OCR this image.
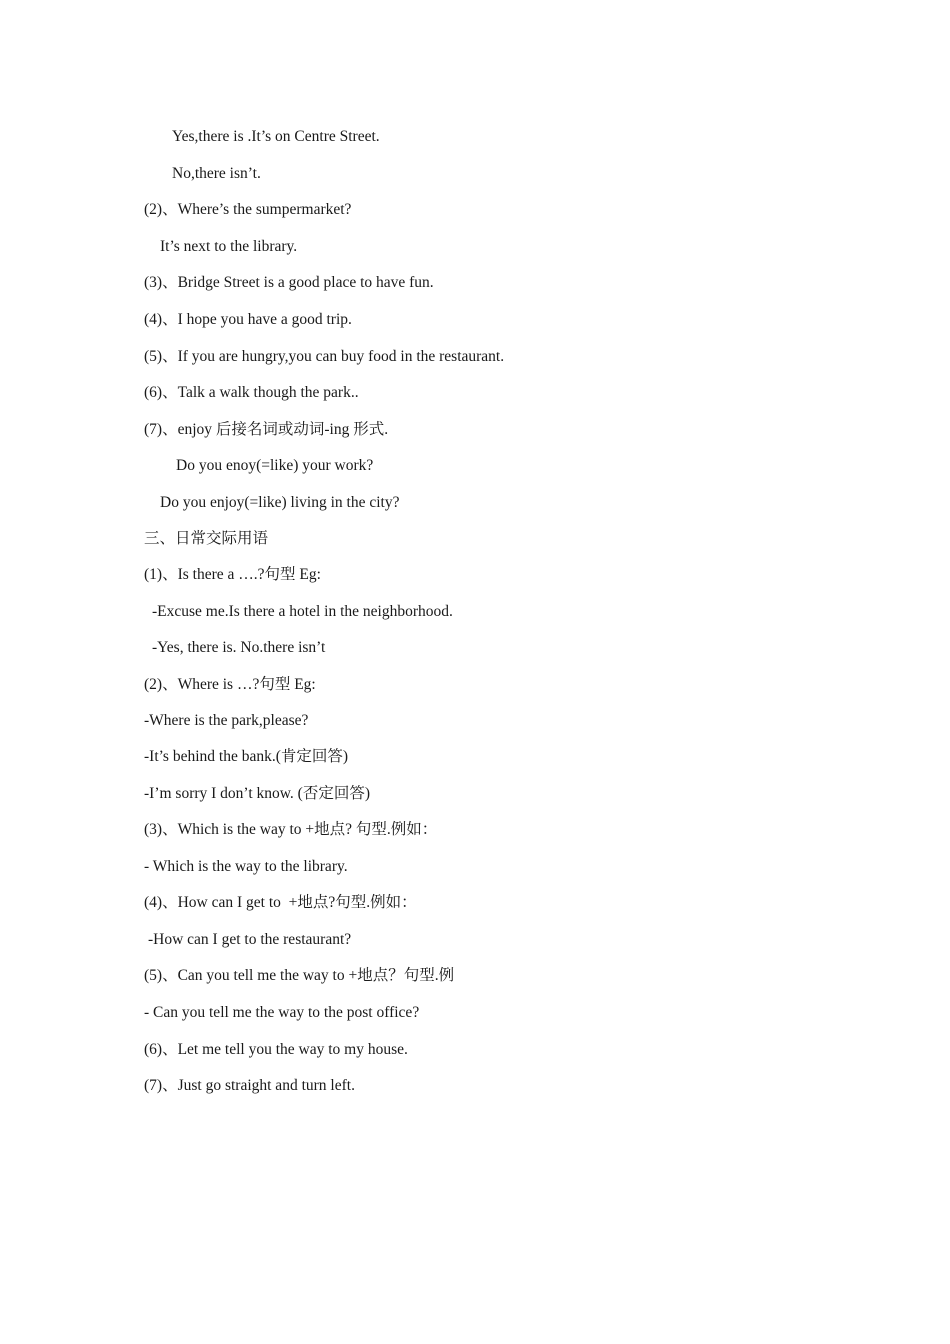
Yes,there is .It’s on Centre Street.
No,there isn’t.
(2)、Where’s the sumpermarket?
It’s next to the library.
(3)、Bridge Street is a good place to have fun.
(4)、I hope you have a good trip.
(5)、If you are hungry,you can buy food in the restaurant.
(6)、Talk a walk though the park..
(7)、enjoy 后接名词或动词-ing 形式.
Do you enoy(=like) your work?
Do you enjoy(=like) living in the city?
三、日常交际用语
(1)、Is there a ….?句型 Eg:
-Excuse me.Is there a hotel in the neighborhood.
-Yes, there is. No.there isn’t
(2)、Where is …?句型 Eg:
-Where is the park,please?
-It’s behind the bank.(肯定回答)
-I’m sorry I don’t know. (否定回答)
(3)、Which is the way to +地点? 句型.例如：
- Which is the way to the library.
(4)、How can I get to  +地点?句型.例如：
-How can I get to the restaurant?
(5)、Can you tell me the way to +地点？句型.例
- Can you tell me the way to the post office?
(6)、Let me tell you the way to my house.
(7)、Just go straight and turn left.
